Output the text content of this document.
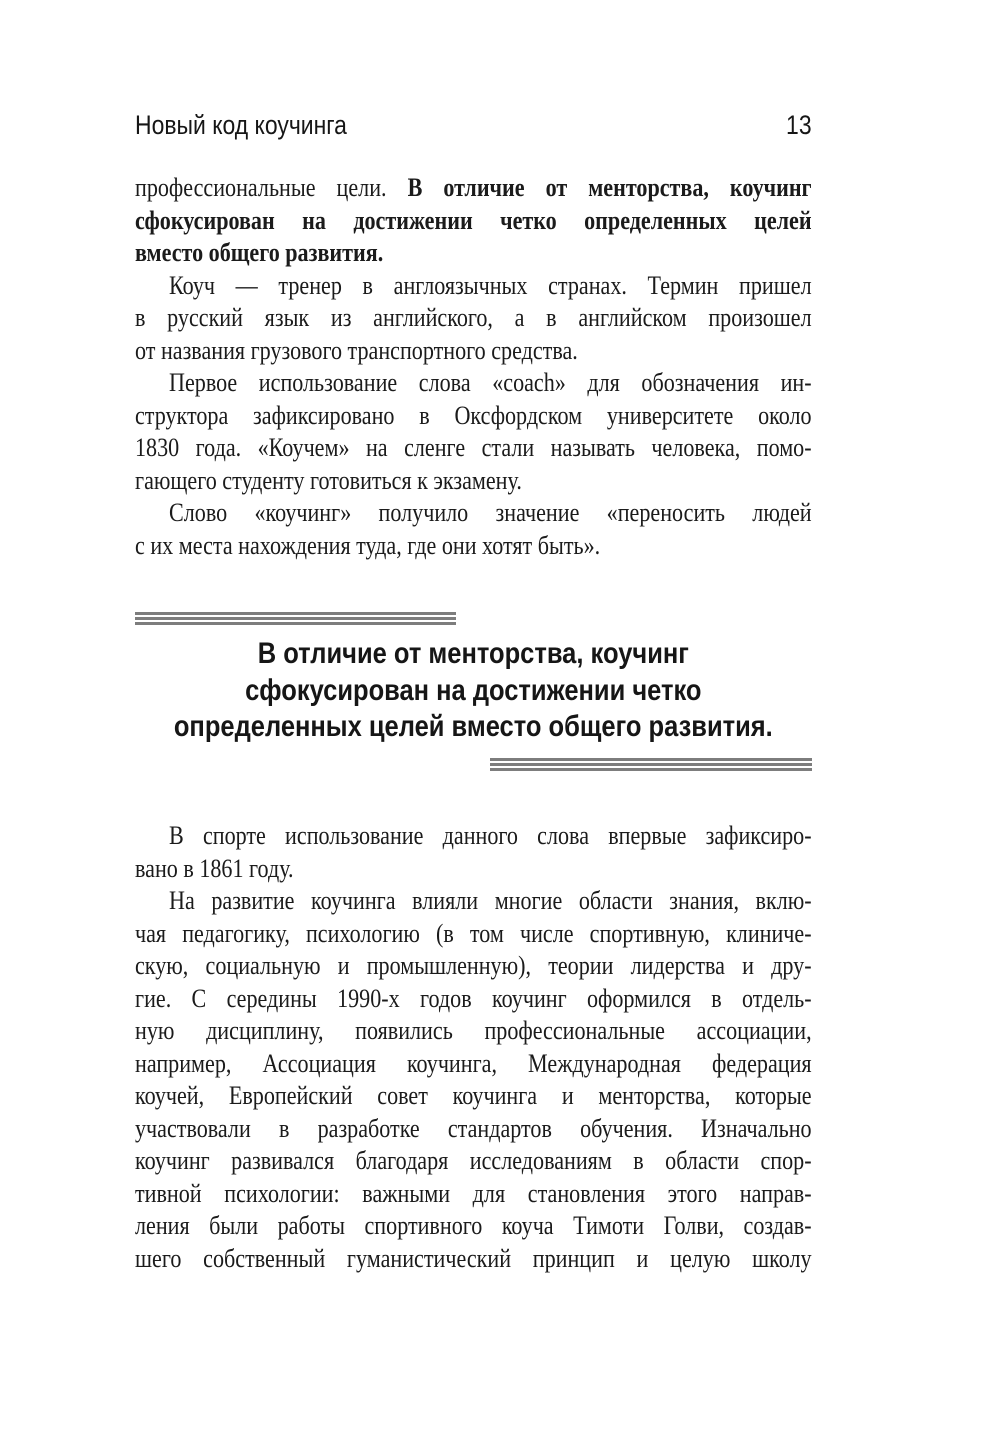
Новый код коучинга	13
профессиональные цели. В отличие от менторства, коучинг
сфокусирован на достижении четко определенных целей
вместо общего развития.
Коуч — тренер в англоязычных странах. Термин пришел
в русский язык из английского, а в английском произошел
от названия грузового транспортного средства.
Первое использование слова «coach» для обозначения ин-
структора зафиксировано в Оксфордском университете около
1830 года. «Коучем» на сленге стали называть человека, помо-
гающего студенту готовиться к экзамену.
Слово «коучинг» получило значение «переносить людей
с их места нахождения туда, где они хотят быть».
В отличие от менторства, коучинг
сфокусирован на достижении четко
определенных целей вместо общего развития.
В спорте использование данного слова впервые зафиксиро-
вано в 1861 году.
На развитие коучинга влияли многие области знания, вклю-
чая педагогику, психологию (в том числе спортивную, клиниче-
скую, социальную и промышленную), теории лидерства и дру-
гие. С середины 1990-х годов коучинг оформился в отдель-
ную дисциплину, появились профессиональные ассоциации,
например, Ассоциация коучинга, Международная федерация
коучей, Европейский совет коучинга и менторства, которые
участвовали в разработке стандартов обучения. Изначально
коучинг развивался благодаря исследованиям в области спор-
тивной психологии: важными для становления этого направ-
ления были работы спортивного коуча Тимоти Голви, создав-
шего собственный гуманистический принцип и целую школу
